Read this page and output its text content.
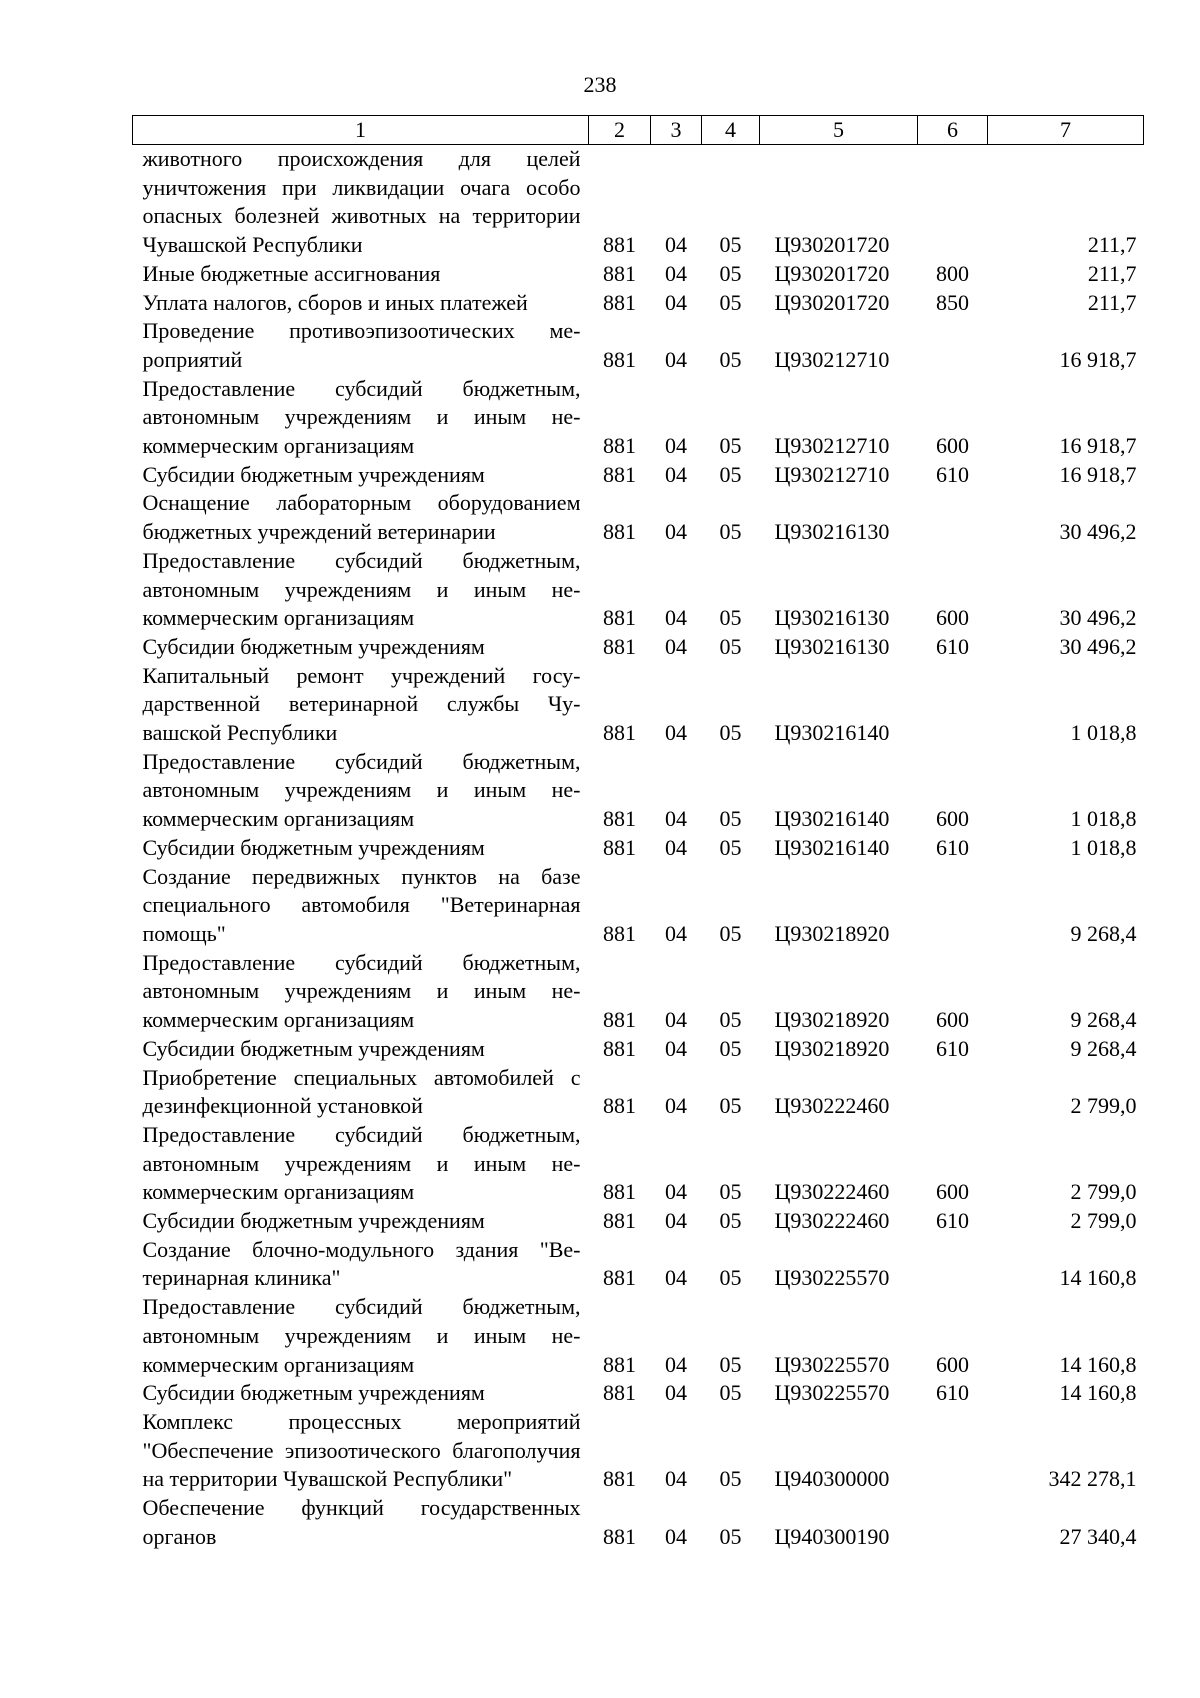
238
1	2	3	4	5	6	7
животного происхождения для целей уничтожения при ликвидации очага особо опасных болезней животных на территории Чувашской Республики	881	04	05	Ц930201720		211,7
Иные бюджетные ассигнования	881	04	05	Ц930201720	800	211,7
Уплата налогов, сборов и иных платежей	881	04	05	Ц930201720	850	211,7
Проведение противоэпизоотических мероприятий	881	04	05	Ц930212710		16 918,7
Предоставление субсидий бюджетным, автономным учреждениям и иным некоммерческим организациям	881	04	05	Ц930212710	600	16 918,7
Субсидии бюджетным учреждениям	881	04	05	Ц930212710	610	16 918,7
Оснащение лабораторным оборудованием бюджетных учреждений ветеринарии	881	04	05	Ц930216130		30 496,2
Предоставление субсидий бюджетным, автономным учреждениям и иным некоммерческим организациям	881	04	05	Ц930216130	600	30 496,2
Субсидии бюджетным учреждениям	881	04	05	Ц930216130	610	30 496,2
Капитальный ремонт учреждений государственной ветеринарной службы Чувашской Республики	881	04	05	Ц930216140		1 018,8
Предоставление субсидий бюджетным, автономным учреждениям и иным некоммерческим организациям	881	04	05	Ц930216140	600	1 018,8
Субсидии бюджетным учреждениям	881	04	05	Ц930216140	610	1 018,8
Создание передвижных пунктов на базе специального автомобиля "Ветеринарная помощь"	881	04	05	Ц930218920		9 268,4
Предоставление субсидий бюджетным, автономным учреждениям и иным некоммерческим организациям	881	04	05	Ц930218920	600	9 268,4
Субсидии бюджетным учреждениям	881	04	05	Ц930218920	610	9 268,4
Приобретение специальных автомобилей с дезинфекционной установкой	881	04	05	Ц930222460		2 799,0
Предоставление субсидий бюджетным, автономным учреждениям и иным некоммерческим организациям	881	04	05	Ц930222460	600	2 799,0
Субсидии бюджетным учреждениям	881	04	05	Ц930222460	610	2 799,0
Создание блочно-модульного здания "Ветеринарная клиника"	881	04	05	Ц930225570		14 160,8
Предоставление субсидий бюджетным, автономным учреждениям и иным некоммерческим организациям	881	04	05	Ц930225570	600	14 160,8
Субсидии бюджетным учреждениям	881	04	05	Ц930225570	610	14 160,8
Комплекс процессных мероприятий "Обеспечение эпизоотического благополучия на территории Чувашской Республики"	881	04	05	Ц940300000		342 278,1
Обеспечение функций государственных органов	881	04	05	Ц940300190		27 340,4
